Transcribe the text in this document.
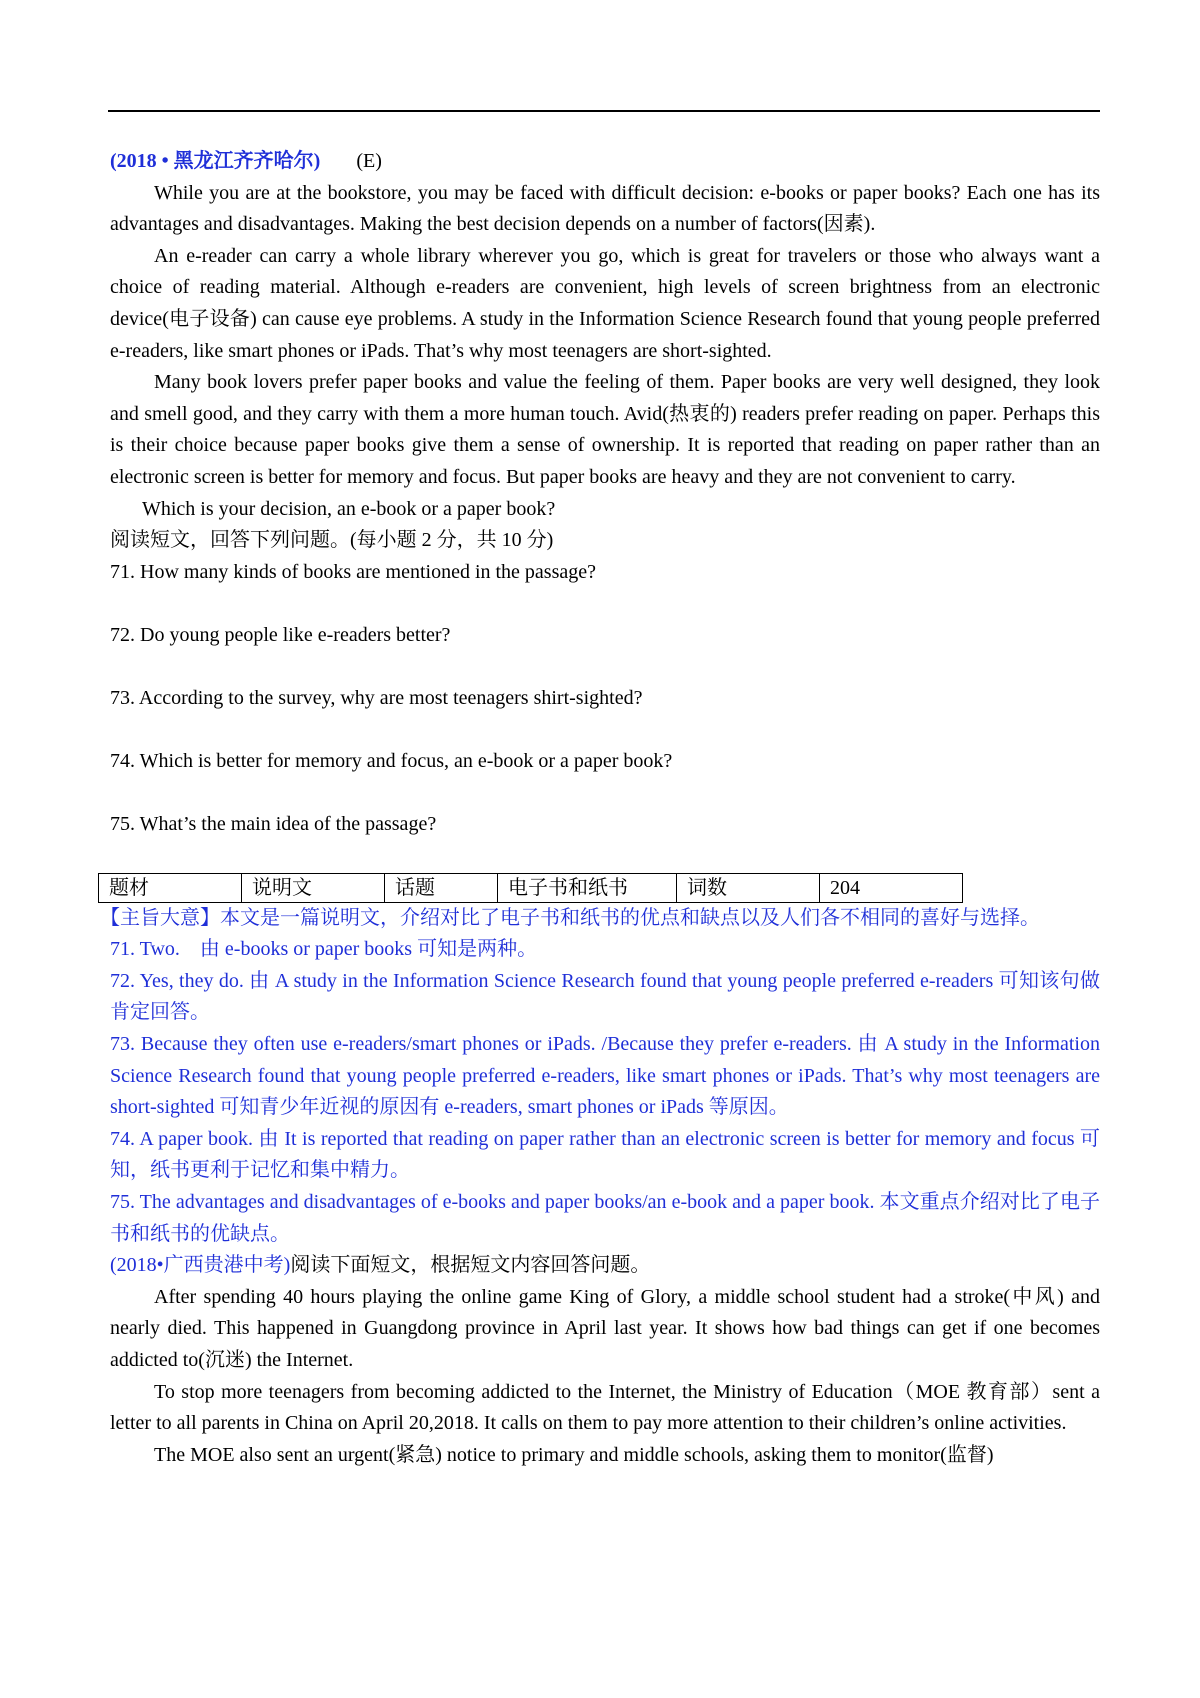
(2018 • 黑龙江齐齐哈尔) (E)
While you are at the bookstore, you may be faced with difficult decision: e-books or paper books? Each one has its advantages and disadvantages. Making the best decision depends on a number of factors(因素).
An e-reader can carry a whole library wherever you go, which is great for travelers or those who always want a choice of reading material. Although e-readers are convenient, high levels of screen brightness from an electronic device(电子设备) can cause eye problems. A study in the Information Science Research found that young people preferred e-readers, like smart phones or iPads. That’s why most teenagers are short-sighted.
Many book lovers prefer paper books and value the feeling of them. Paper books are very well designed, they look and smell good, and they carry with them a more human touch. Avid(热衷的) readers prefer reading on paper. Perhaps this is their choice because paper books give them a sense of ownership. It is reported that reading on paper rather than an electronic screen is better for memory and focus. But paper books are heavy and they are not convenient to carry.
Which is your decision, an e-book or a paper book?
阅读短文，回答下列问题。(每小题 2 分，共 10 分)
71. How many kinds of books are mentioned in the passage?
72. Do young people like e-readers better?
73. According to the survey, why are most teenagers shirt-sighted?
74. Which is better for memory and focus, an e-book or a paper book?
75. What’s the main idea of the passage?
题材	说明文	话题	电子书和纸书	词数	204
【主旨大意】本文是一篇说明文，介绍对比了电子书和纸书的优点和缺点以及人们各不相同的喜好与选择。
71. Two.    由 e-books or paper books 可知是两种。
72. Yes, they do. 由 A study in the Information Science Research found that young people preferred e-readers 可知该句做肯定回答。
73. Because they often use e-readers/smart phones or iPads. /Because they prefer e-readers. 由 A study in the Information Science Research found that young people preferred e-readers, like smart phones or iPads. That’s why most teenagers are short-sighted 可知青少年近视的原因有 e-readers, smart phones or iPads 等原因。
74. A paper book. 由 It is reported that reading on paper rather than an electronic screen is better for memory and focus 可知，纸书更利于记忆和集中精力。
75. The advantages and disadvantages of e-books and paper books/an e-book and a paper book. 本文重点介绍对比了电子书和纸书的优缺点。
(2018•广西贵港中考)阅读下面短文，根据短文内容回答问题。
After spending 40 hours playing the online game King of Glory, a middle school student had a stroke(中风) and nearly died. This happened in Guangdong province in April last year. It shows how bad things can get if one becomes addicted to(沉迷) the Internet.
To stop more teenagers from becoming addicted to the Internet, the Ministry of Education（MOE 教育部）sent a letter to all parents in China on April 20,2018. It calls on them to pay more attention to their children’s online activities.
The MOE also sent an urgent(紧急) notice to primary and middle schools, asking them to monitor(监督)
